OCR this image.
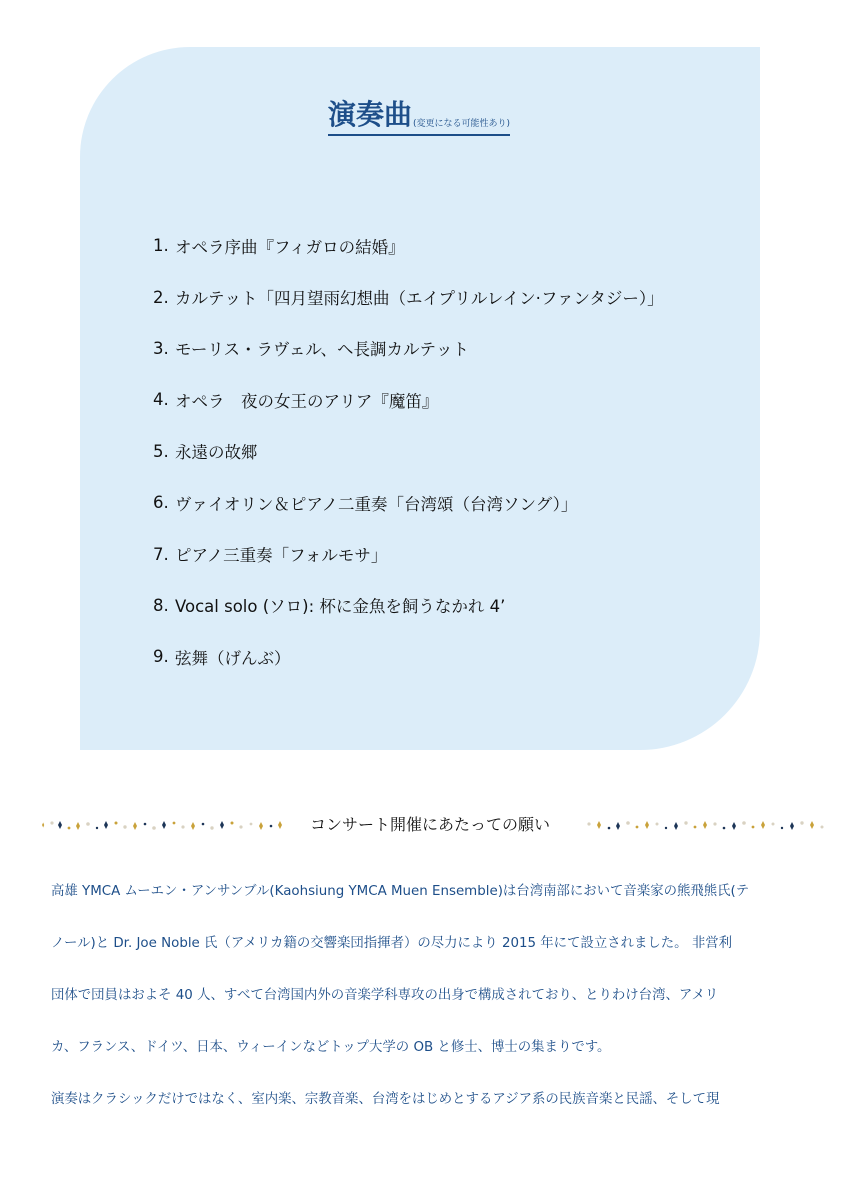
演奏曲 (変更になる可能性あり)
1. オペラ序曲『フィガロの結婚』
2. カルテット「四月望雨幻想曲（エイプリルレイン·ファンタジー）」
3. モーリス・ラヴェル、ヘ長調カルテット
4. オペラ　夜の女王のアリア『魔笛』
5. 永遠の故郷
6. ヴァイオリン＆ピアノ二重奏「台湾頌（台湾ソング）」
7. ピアノ三重奏「フォルモサ」
8. Vocal solo (ソロ): 杯に金魚を飼うなかれ 4’
9. 弦舞（げんぶ）
コンサート開催にあたっての願い
高雄 YMCA ムーエン・アンサンブル(Kaohsiung YMCA Muen Ensemble)は台湾南部において音楽家の熊飛熊氏(テ
ノール)と Dr. Joe Noble 氏（アメリカ籍の交響楽団指揮者）の尽力により 2015 年にて設立されました。 非営利
団体で団員はおよそ 40 人、すべて台湾国内外の音楽学科専攻の出身で構成されており、とりわけ台湾、アメリ
カ、フランス、ドイツ、日本、ウィーインなどトップ大学の OB と修士、博士の集まりです。
演奏はクラシックだけではなく、室内楽、宗教音楽、台湾をはじめとするアジア系の民族音楽と民謡、そして現
